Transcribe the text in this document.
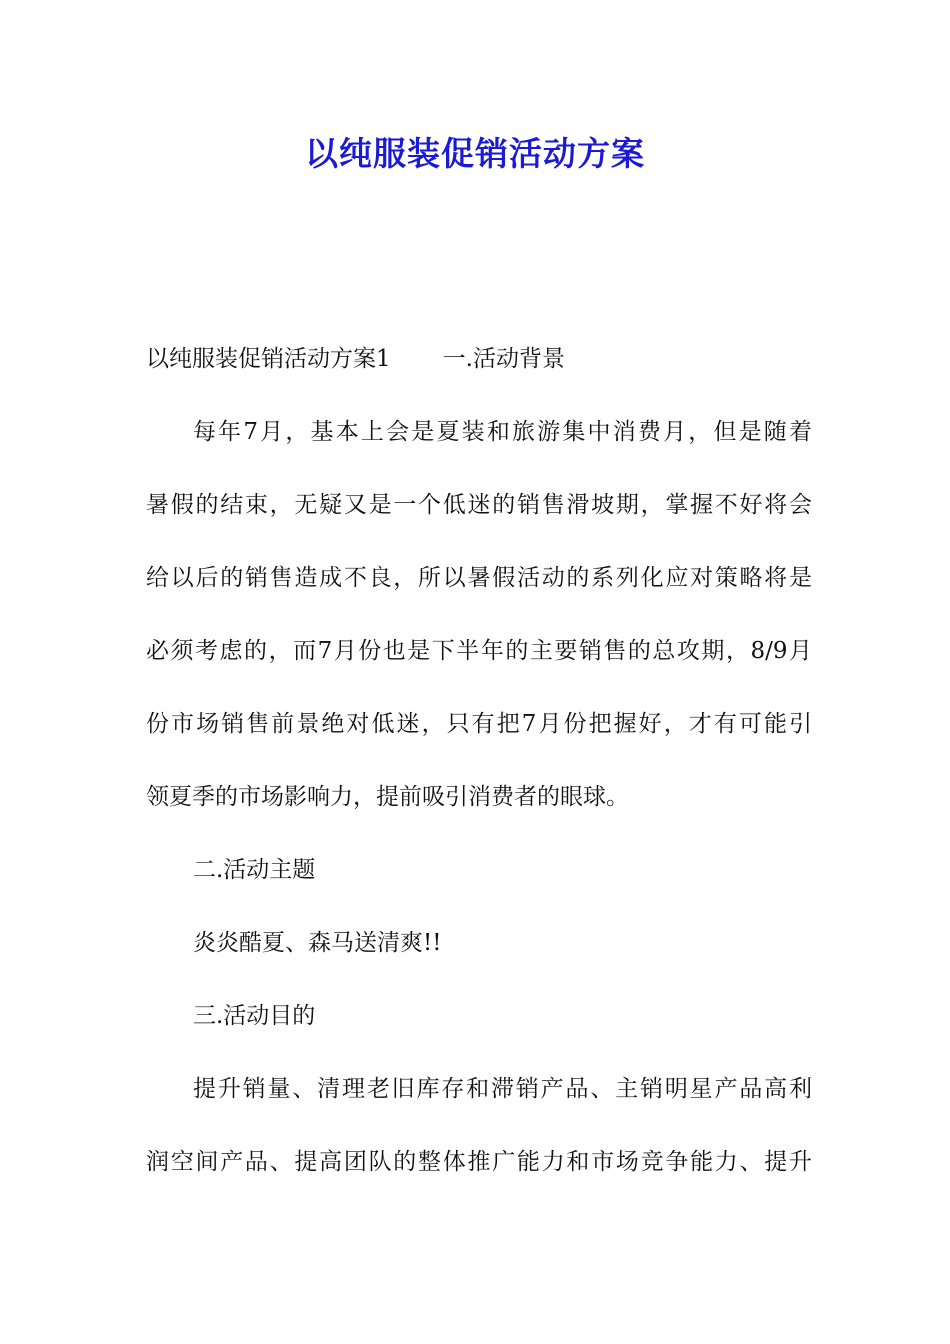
以纯服装促销活动方案
以纯服装促销活动方案1 一.活动背景
每年7月，基本上会是夏装和旅游集中消费月，但是随着
暑假的结束，无疑又是一个低迷的销售滑坡期，掌握不好将会
给以后的销售造成不良，所以暑假活动的系列化应对策略将是
必须考虑的，而7月份也是下半年的主要销售的总攻期，8/9月
份市场销售前景绝对低迷，只有把7月份把握好，才有可能引
领夏季的市场影响力，提前吸引消费者的眼球。
二.活动主题
炎炎酷夏、森马送清爽!!
三.活动目的
提升销量、清理老旧库存和滞销产品、主销明星产品高利
润空间产品、提高团队的整体推广能力和市场竞争能力、提升
